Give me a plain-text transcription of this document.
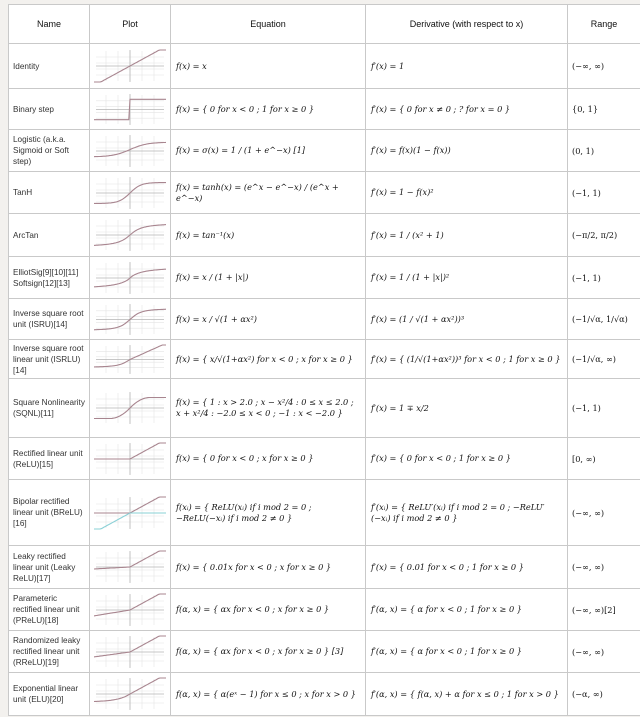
Name	Plot	Equation	Derivative (with respect to x)	Range	
Identity		f(x) = x	f′(x) = 1	(−∞, ∞)	
Binary step		f(x) = { 0 for x < 0 ; 1 for x ≥ 0 }	f′(x) = { 0 for x ≠ 0 ; ? for x = 0 }	{0, 1}	
Logistic (a.k.a. Sigmoid or Soft step)		f(x) = σ(x) = 1 / (1 + e^−x) [1]	f′(x) = f(x)(1 − f(x))	(0, 1)	
TanH		f(x) = tanh(x) = (e^x − e^−x) / (e^x + e^−x)	f′(x) = 1 − f(x)²	(−1, 1)	
ArcTan		f(x) = tan⁻¹(x)	f′(x) = 1 / (x² + 1)	(−π/2, π/2)	
ElliotSig[9][10][11] Softsign[12][13]		f(x) = x / (1 + |x|)	f′(x) = 1 / (1 + |x|)²	(−1, 1)	
Inverse square root unit (ISRU)[14]		f(x) = x / √(1 + αx²)	f′(x) = (1 / √(1 + αx²))³	(−1/√α, 1/√α)	
Inverse square root linear unit (ISRLU)[14]		f(x) = { x/√(1+αx²) for x < 0 ; x for x ≥ 0 }	f′(x) = { (1/√(1+αx²))³ for x < 0 ; 1 for x ≥ 0 }	(−1/√α, ∞)	
Square Nonlinearity (SQNL)[11]		f(x) = { 1 : x > 2.0 ; x − x²/4 : 0 ≤ x ≤ 2.0 ; x + x²/4 : −2.0 ≤ x < 0 ; −1 : x < −2.0 }	f′(x) = 1 ∓ x/2	(−1, 1)	
Rectified linear unit (ReLU)[15]		f(x) = { 0 for x < 0 ; x for x ≥ 0 }	f′(x) = { 0 for x < 0 ; 1 for x ≥ 0 }	[0, ∞)	
Bipolar rectified linear unit (BReLU)[16]		f(xᵢ) = { ReLU(xᵢ) if i mod 2 = 0 ; −ReLU(−xᵢ) if i mod 2 ≠ 0 }	f′(xᵢ) = { ReLU′(xᵢ) if i mod 2 = 0 ; −ReLU′(−xᵢ) if i mod 2 ≠ 0 }	(−∞, ∞)	
Leaky rectified linear unit (Leaky ReLU)[17]		f(x) = { 0.01x for x < 0 ; x for x ≥ 0 }	f′(x) = { 0.01 for x < 0 ; 1 for x ≥ 0 }	(−∞, ∞)	
Parameteric rectified linear unit (PReLU)[18]		f(α, x) = { αx for x < 0 ; x for x ≥ 0 }	f′(α, x) = { α for x < 0 ; 1 for x ≥ 0 }	(−∞, ∞)[2]	
Randomized leaky rectified linear unit (RReLU)[19]		f(α, x) = { αx for x < 0 ; x for x ≥ 0 } [3]	f′(α, x) = { α for x < 0 ; 1 for x ≥ 0 }	(−∞, ∞)	
Exponential linear unit (ELU)[20]		f(α, x) = { α(eˣ − 1) for x ≤ 0 ; x for x > 0 }	f′(α, x) = { f(α, x) + α for x ≤ 0 ; 1 for x > 0 }	(−α, ∞)	
